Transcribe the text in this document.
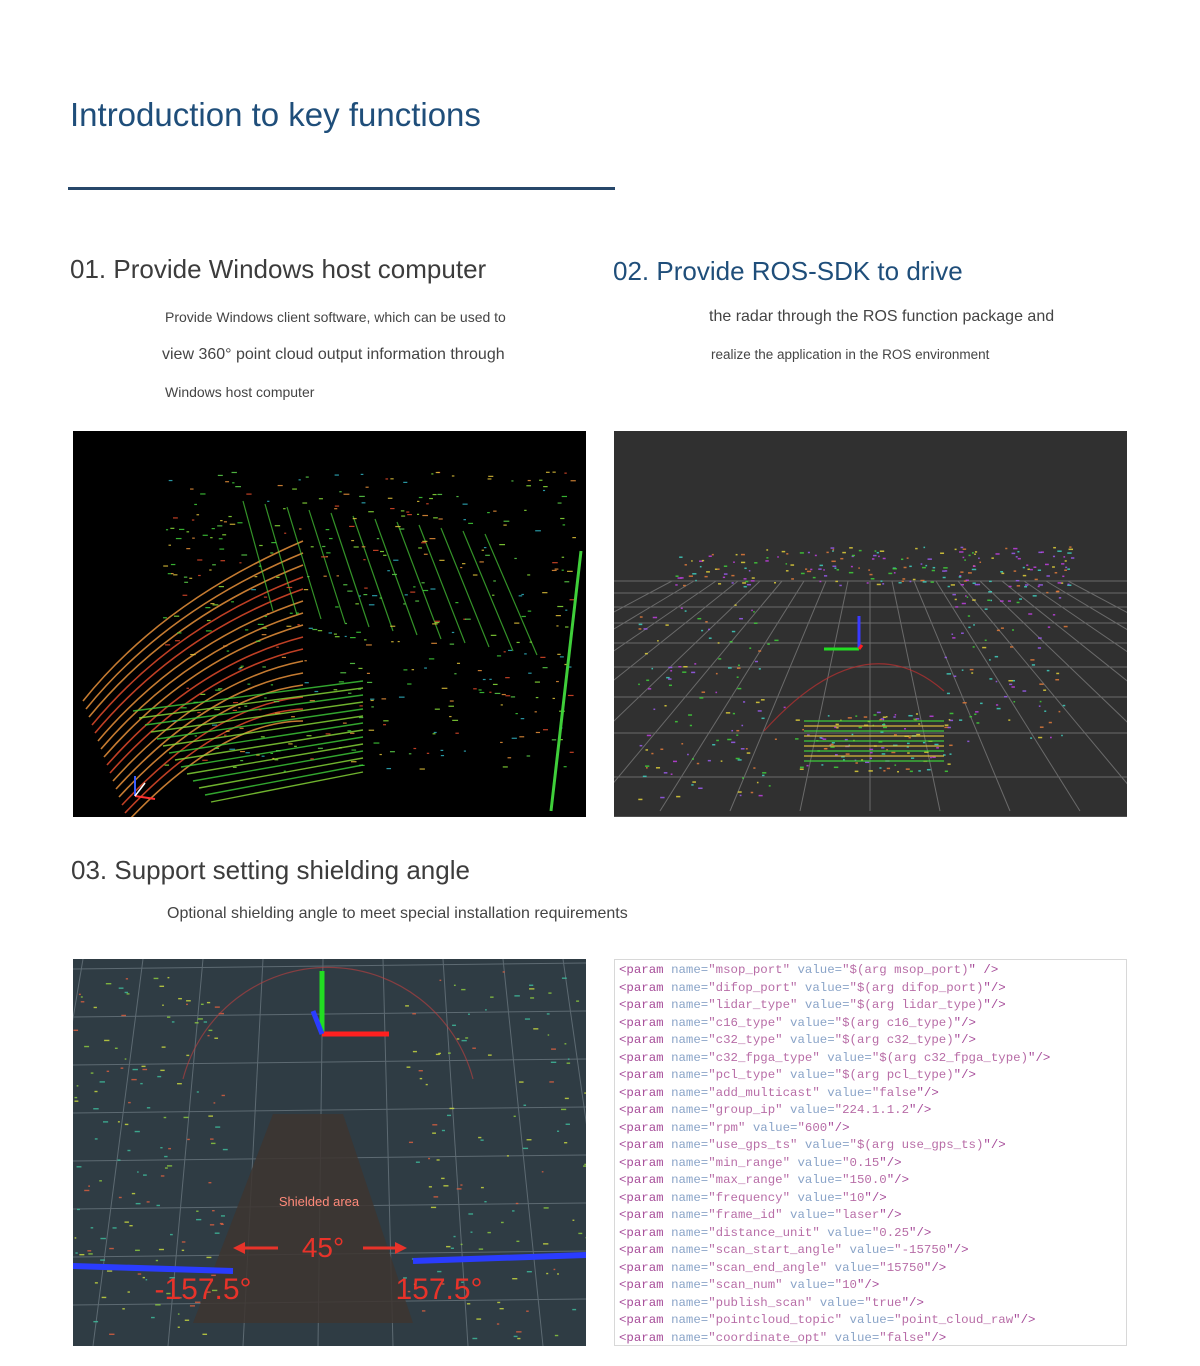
Introduction to key functions
01. Provide Windows host computer
Provide Windows client software, which can be used to
view 360° point cloud output information through
Windows host computer
02. Provide ROS-SDK to drive
the radar through the ROS function package and
realize the application in the ROS environment
03. Support setting shielding angle
Optional shielding angle to meet special installation requirements
Shielded area
45°
-157.5°	157.5°
<param name="msop_port" value="$(arg msop_port)" />
<param name="difop_port" value="$(arg difop_port)"/>
<param name="lidar_type" value="$(arg lidar_type)"/>
<param name="c16_type" value="$(arg c16_type)"/>
<param name="c32_type" value="$(arg c32_type)"/>
<param name="c32_fpga_type" value="$(arg c32_fpga_type)"/>
<param name="pcl_type" value="$(arg pcl_type)"/>
<param name="add_multicast" value="false"/>
<param name="group_ip" value="224.1.1.2"/>
<param name="rpm" value="600"/>
<param name="use_gps_ts" value="$(arg use_gps_ts)"/>
<param name="min_range" value="0.15"/>
<param name="max_range" value="150.0"/>
<param name="frequency" value="10"/>
<param name="frame_id" value="laser"/>
<param name="distance_unit" value="0.25"/>
<param name="scan_start_angle" value="-15750"/>
<param name="scan_end_angle" value="15750"/>
<param name="scan_num" value="10"/>
<param name="publish_scan" value="true"/>
<param name="pointcloud_topic" value="point_cloud_raw"/>
<param name="coordinate_opt" value="false"/>
